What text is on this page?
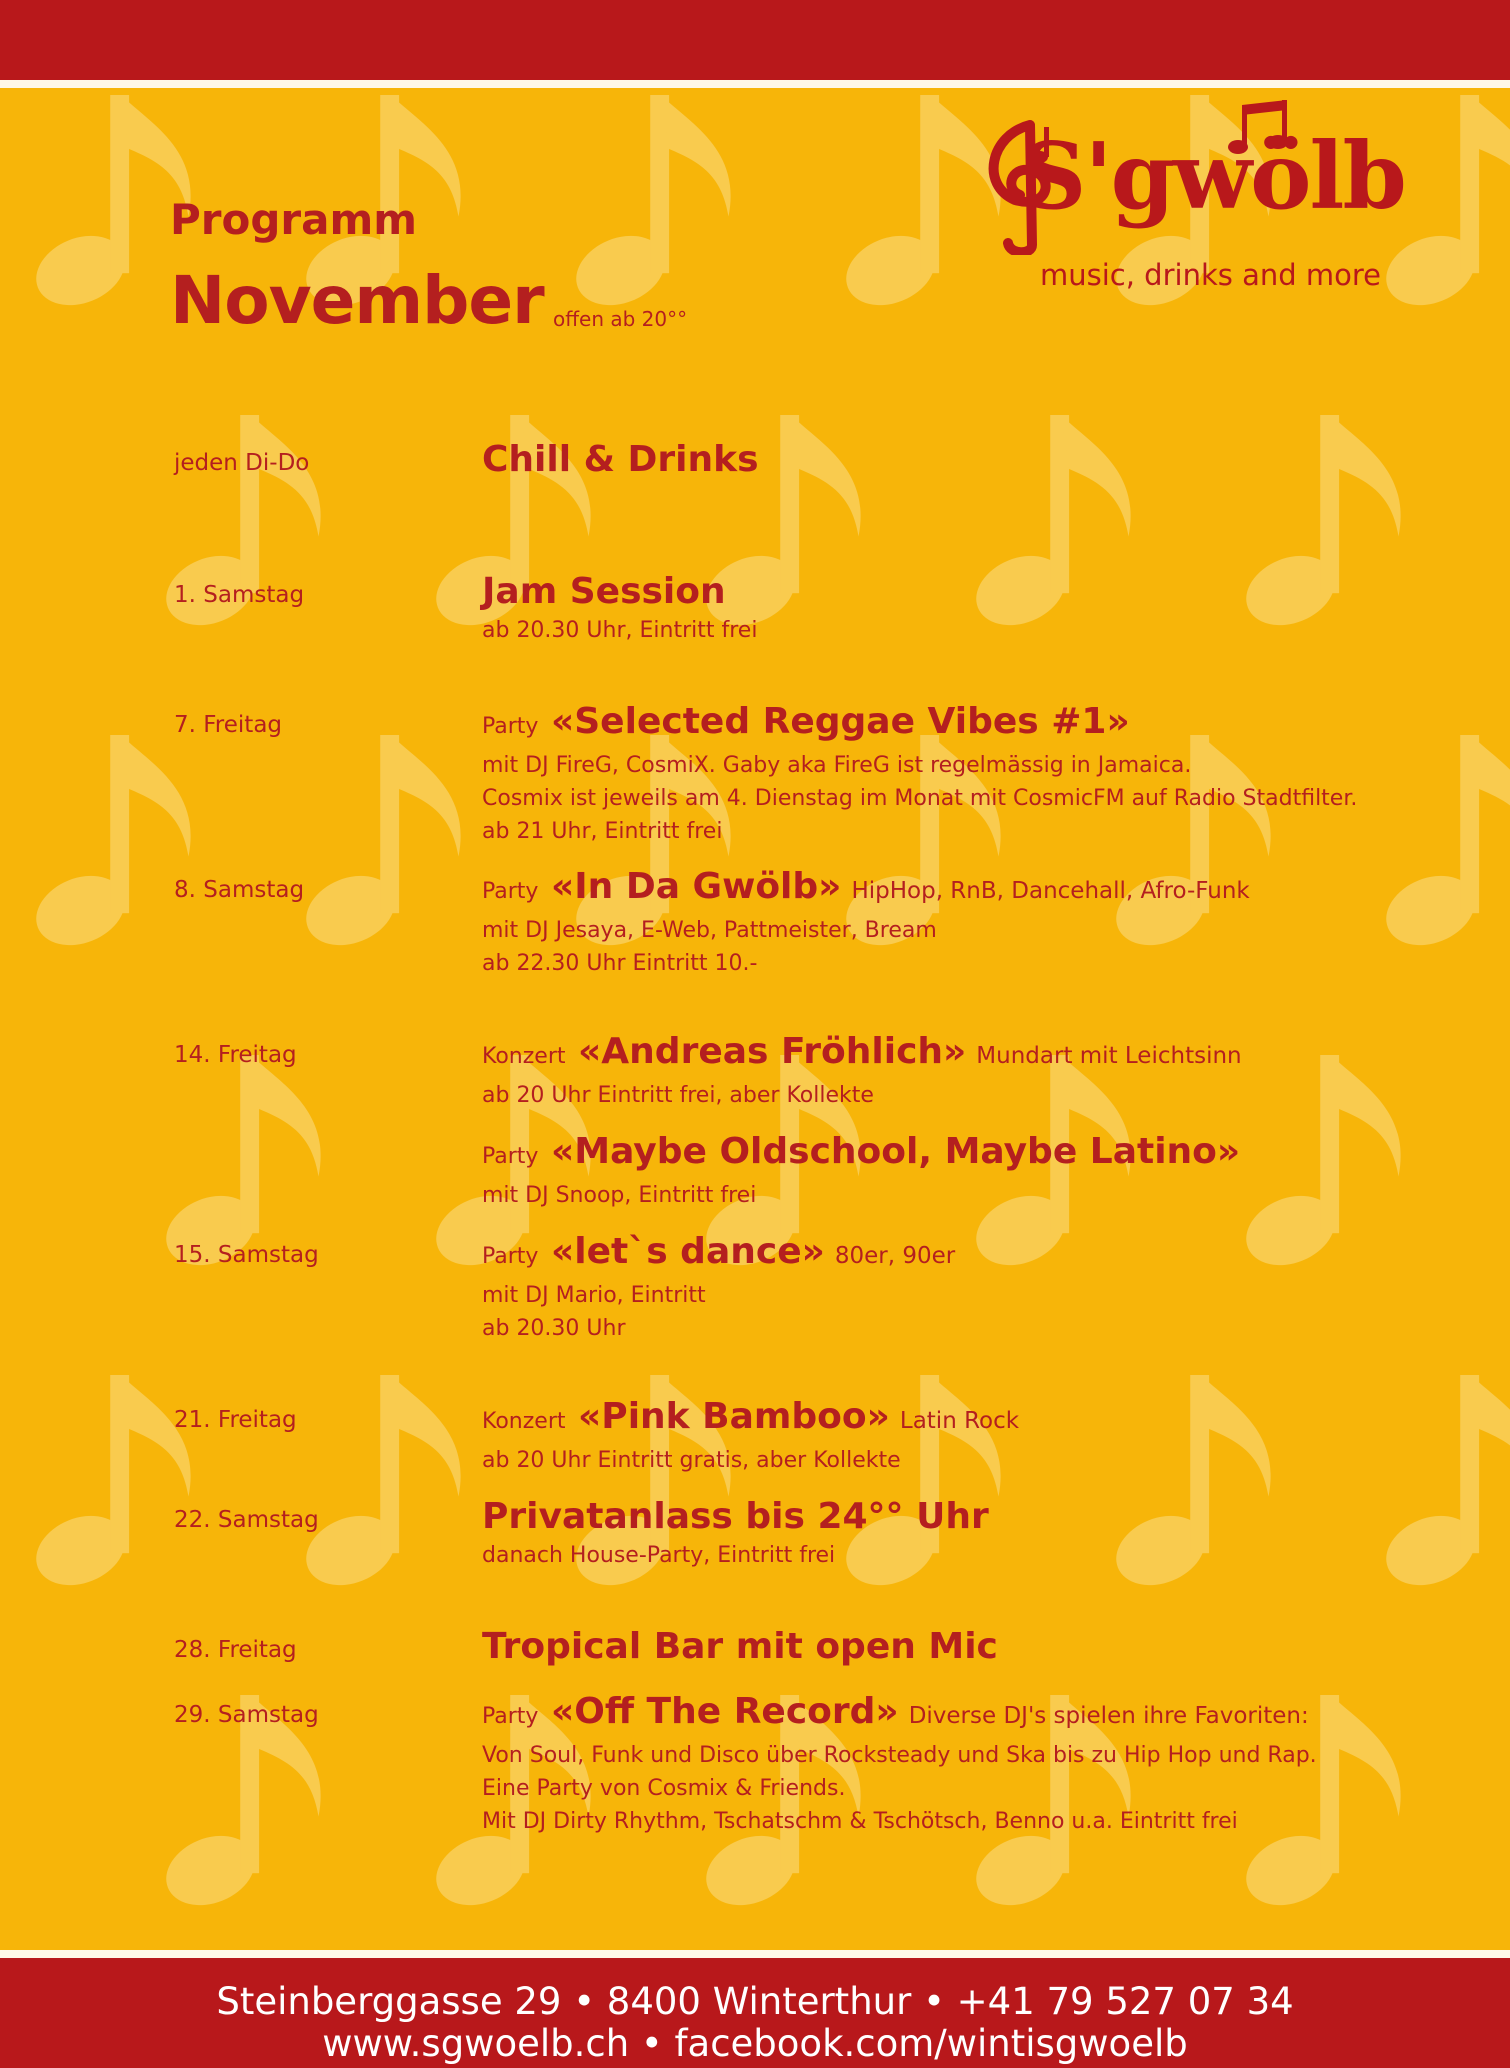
Programm
November offen ab 20°°
S'gwölb
music, drinks and more
jeden Di-Do	Chill & Drinks
1. Samstag	Jam Session
ab 20.30 Uhr, Eintritt frei
7. Freitag	Party «Selected Reggae Vibes #1»
mit DJ FireG, CosmiX. Gaby aka FireG ist regelmässig in Jamaica.
Cosmix ist jeweils am 4. Dienstag im Monat mit CosmicFM auf Radio Stadtfilter.
ab 21 Uhr, Eintritt frei
8. Samstag	Party «In Da Gwölb» HipHop, RnB, Dancehall, Afro-Funk
mit DJ Jesaya, E-Web, Pattmeister, Bream
ab 22.30 Uhr Eintritt 10.-
14. Freitag	Konzert «Andreas Fröhlich» Mundart mit Leichtsinn
ab 20 Uhr Eintritt frei, aber Kollekte
Party «Maybe Oldschool, Maybe Latino»
mit DJ Snoop, Eintritt frei
15. Samstag	Party «let`s dance» 80er, 90er
mit DJ Mario, Eintritt
ab 20.30 Uhr
21. Freitag	Konzert «Pink Bamboo» Latin Rock
ab 20 Uhr Eintritt gratis, aber Kollekte
22. Samstag	Privatanlass bis 24°° Uhr
danach House-Party, Eintritt frei
28. Freitag	Tropical Bar mit open Mic
29. Samstag	Party «Off The Record» Diverse DJ's spielen ihre Favoriten:
Von Soul, Funk und Disco über Rocksteady und Ska bis zu Hip Hop und Rap.
Eine Party von Cosmix & Friends.
Mit DJ Dirty Rhythm, Tschatschm & Tschötsch, Benno u.a. Eintritt frei
Steinberggasse 29 • 8400 Winterthur • +41 79 527 07 34
www.sgwoelb.ch • facebook.com/wintisgwoelb
